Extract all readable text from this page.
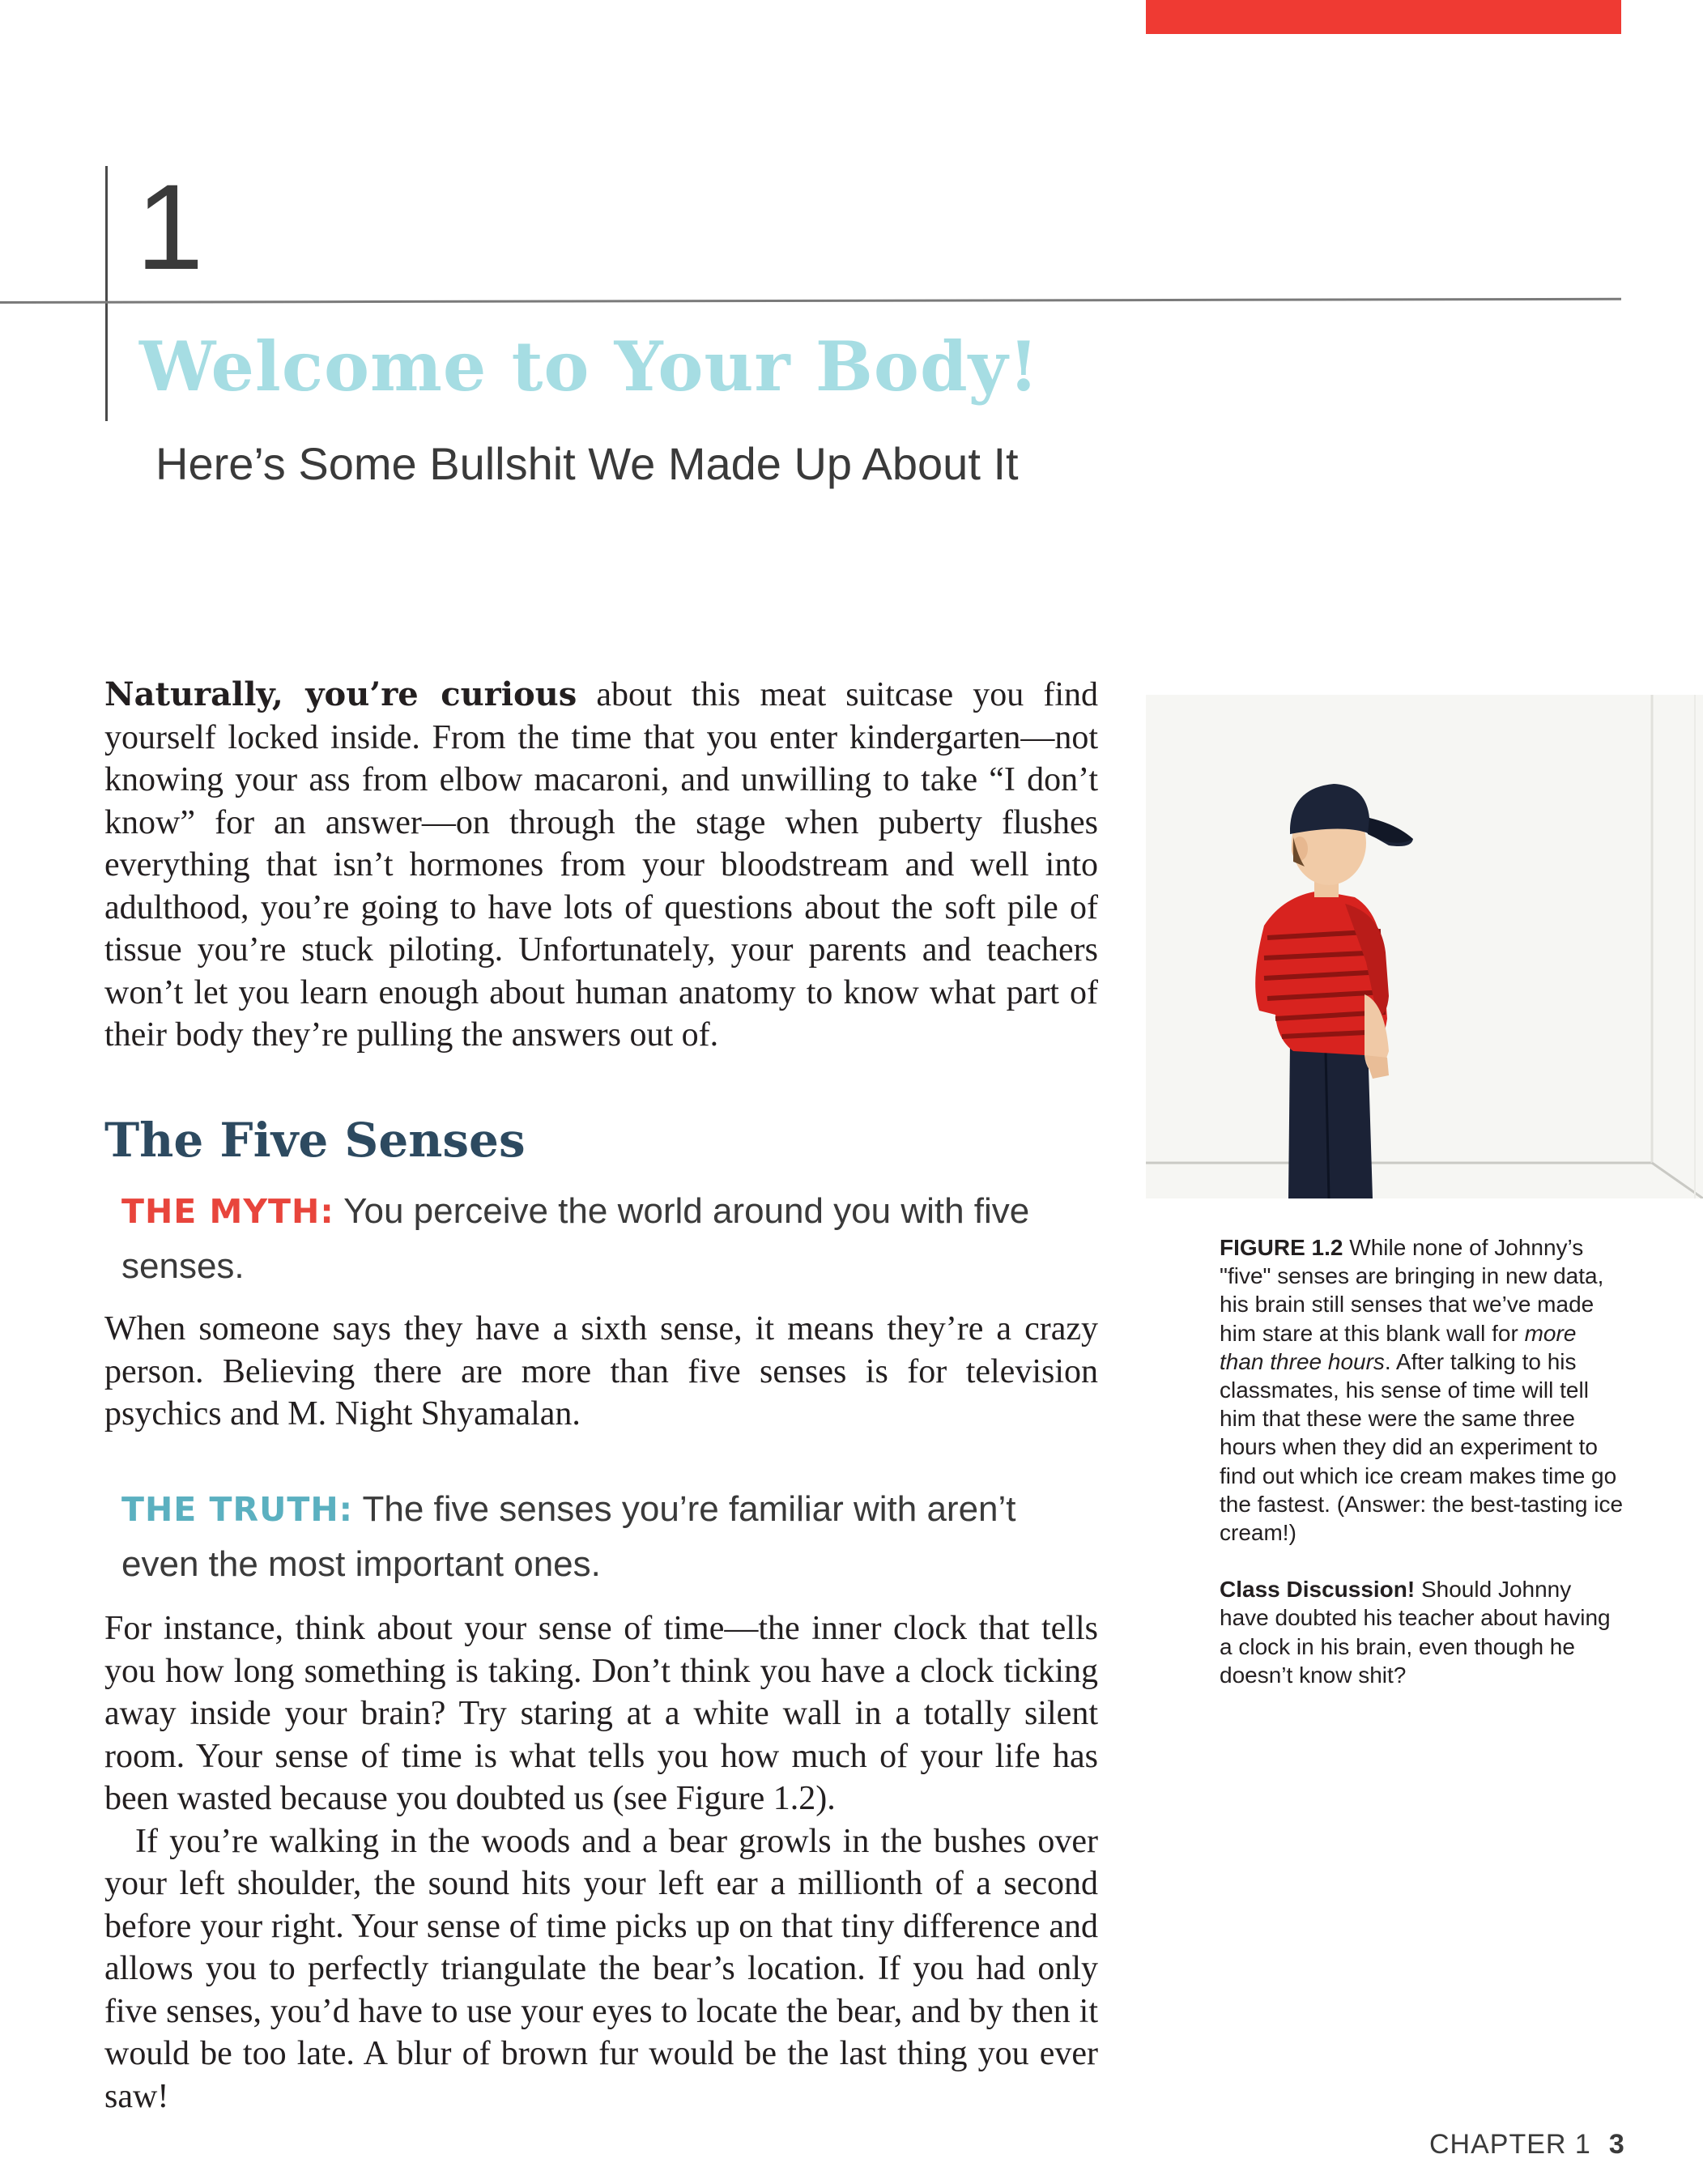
1
Welcome to Your Body!
Here’s Some Bullshit We Made Up About It

Naturally, you’re curious about this meat suitcase you find yourself locked inside. From the time that you enter kindergarten—not knowing your ass from elbow macaroni, and unwilling to take “I don’t know” for an answer—on through the stage when puberty flushes everything that isn’t hormones from your bloodstream and well into adulthood, you’re going to have lots of questions about the soft pile of tissue you’re stuck piloting. Unfortunately, your parents and teachers won’t let you learn enough about human anatomy to know what part of their body they’re pulling the answers out of.

The Five Senses
THE MYTH: You perceive the world around you with five senses.

When someone says they have a sixth sense, it means they’re a crazy person. Believing there are more than five senses is for television psychics and M. Night Shyamalan.

THE TRUTH: The five senses you’re familiar with aren’t even the most important ones.

For instance, think about your sense of time—the inner clock that tells you how long something is taking. Don’t think you have a clock ticking away inside your brain? Try staring at a white wall in a totally silent room. Your sense of time is what tells you how much of your life has been wasted because you doubted us (see Figure 1.2).

If you’re walking in the woods and a bear growls in the bushes over your left shoulder, the sound hits your left ear a millionth of a second before your right. Your sense of time picks up on that tiny difference and allows you to perfectly triangulate the bear’s location. If you had only five senses, you’d have to use your eyes to locate the bear, and by then it would be too late. A blur of brown fur would be the last thing you ever saw!

FIGURE 1.2 While none of Johnny’s "five" senses are bringing in new data, his brain still senses that we’ve made him stare at this blank wall for more than three hours. After talking to his classmates, his sense of time will tell him that these were the same three hours when they did an experiment to find out which ice cream makes time go the fastest. (Answer: the best-tasting ice cream!)

Class Discussion! Should Johnny have doubted his teacher about having a clock in his brain, even though he doesn’t know shit?

CHAPTER 1 3
